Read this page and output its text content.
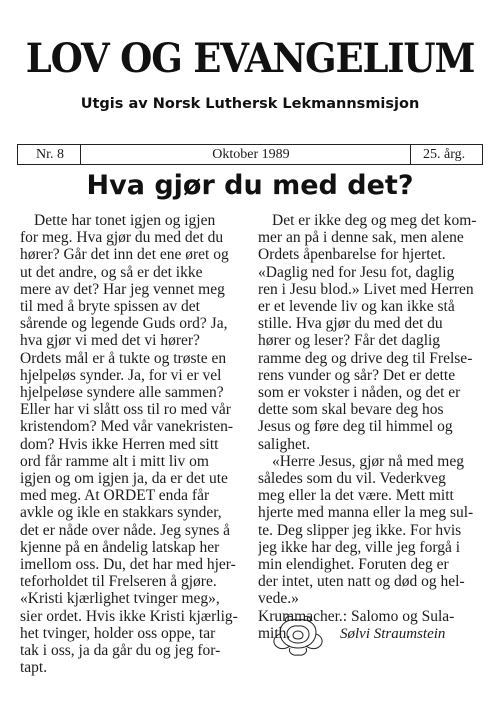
LOV OG EVANGELIUM
Utgis av Norsk Luthersk Lekmannsmisjon
Nr. 8	Oktober 1989	25. årg.
Hva gjør du med det?
Dette har tonet igjen og igjen
for meg. Hva gjør du med det du
hører? Går det inn det ene øret og
ut det andre, og så er det ikke
mere av det? Har jeg vennet meg
til med å bryte spissen av det
sårende og legende Guds ord? Ja,
hva gjør vi med det vi hører?
Ordets mål er å tukte og trøste en
hjelpeløs synder. Ja, for vi er vel
hjelpeløse syndere alle sammen?
Eller har vi slått oss til ro med vår
kristendom? Med vår vanekristen-
dom? Hvis ikke Herren med sitt
ord får ramme alt i mitt liv om
igjen og om igjen ja, da er det ute
med meg. At ORDET enda får
avkle og ikle en stakkars synder,
det er nåde over nåde. Jeg synes å
kjenne på en åndelig latskap her
imellom oss. Du, det har med hjer-
teforholdet til Frelseren å gjøre.
«Kristi kjærlighet tvinger meg»,
sier ordet. Hvis ikke Kristi kjærlig-
het tvinger, holder oss oppe, tar
tak i oss, ja da går du og jeg for-
tapt.
Det er ikke deg og meg det kom-
mer an på i denne sak, men alene
Ordets åpenbarelse for hjertet.
«Daglig ned for Jesu fot, daglig
ren i Jesu blod.» Livet med Herren
er et levende liv og kan ikke stå
stille. Hva gjør du med det du
hører og leser? Får det daglig
ramme deg og drive deg til Frelse-
rens vunder og sår? Det er dette
som er vokster i nåden, og det er
dette som skal bevare deg hos
Jesus og føre deg til himmel og
salighet.
«Herre Jesus, gjør nå med meg
således som du vil. Vederkveg
meg eller la det være. Mett mitt
hjerte med manna eller la meg sul-
te. Deg slipper jeg ikke. For hvis
jeg ikke har deg, ville jeg forgå i
min elendighet. Foruten deg er
der intet, uten natt og død og hel-
vede.»
Krummacher.: Salomo og Sula-
mith.	Sølvi Straumstein
